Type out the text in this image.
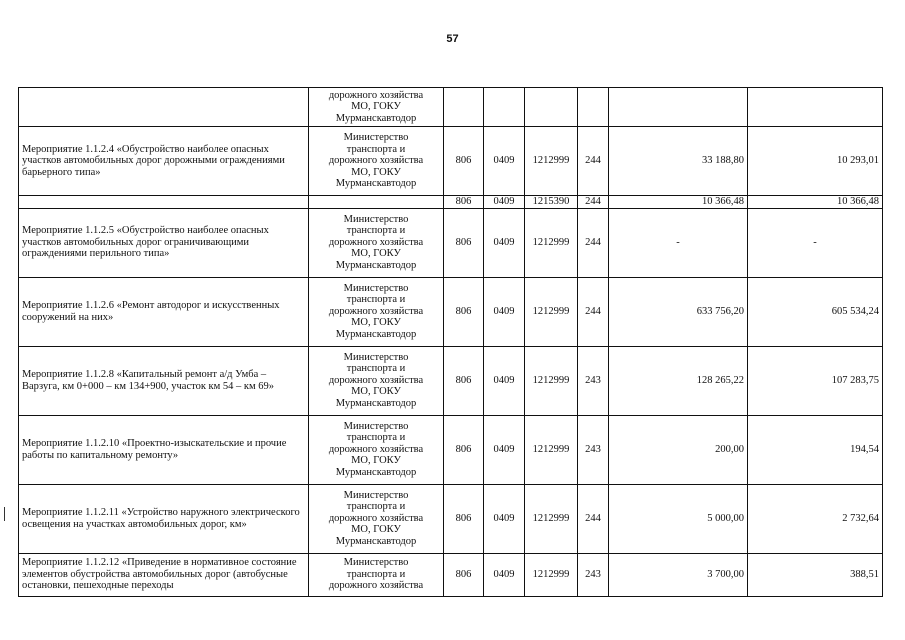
57

	дорожного хозяйства
МО, ГОКУ
Мурманскавтодор						

Мероприятие 1.1.2.4 «Обустройство наиболее опасных участков автомобильных дорог дорожными ограждениями барьерного типа»	Министерство
транспорта и
дорожного хозяйства
МО, ГОКУ
Мурманскавтодор	806	0409	1212999	244	33 188,80	10 293,01
		806	0409	1215390	244	10 366,48	10 366,48
Мероприятие 1.1.2.5 «Обустройство наиболее опасных участков автомобильных дорог ограничивающими ограждениями перильного типа»	Министерство
транспорта и
дорожного хозяйства
МО, ГОКУ
Мурманскавтодор	806	0409	1212999	244	-	-
Мероприятие 1.1.2.6 «Ремонт автодорог и искусственных сооружений на них»	Министерство
транспорта и
дорожного хозяйства
МО, ГОКУ
Мурманскавтодор	806	0409	1212999	244	633 756,20	605 534,24
Мероприятие 1.1.2.8 «Капитальный ремонт а/д Умба – Варзуга, км 0+000 – км 134+900, участок км 54 – км 69»	Министерство
транспорта и
дорожного хозяйства
МО, ГОКУ
Мурманскавтодор	806	0409	1212999	243	128 265,22	107 283,75
Мероприятие 1.1.2.10 «Проектно-изыскательские и прочие работы по капитальному ремонту»	Министерство
транспорта и
дорожного хозяйства
МО, ГОКУ
Мурманскавтодор	806	0409	1212999	243	200,00	194,54
Мероприятие 1.1.2.11 «Устройство наружного электрического освещения на участках автомобильных дорог, км»	Министерство
транспорта и
дорожного хозяйства
МО, ГОКУ
Мурманскавтодор	806	0409	1212999	244	5 000,00	2 732,64
Мероприятие 1.1.2.12 «Приведение в нормативное состояние элементов обустройства автомобильных дорог (автобусные остановки, пешеходные переходы	Министерство
транспорта и
дорожного хозяйства	806	0409	1212999	243	3 700,00	388,51
